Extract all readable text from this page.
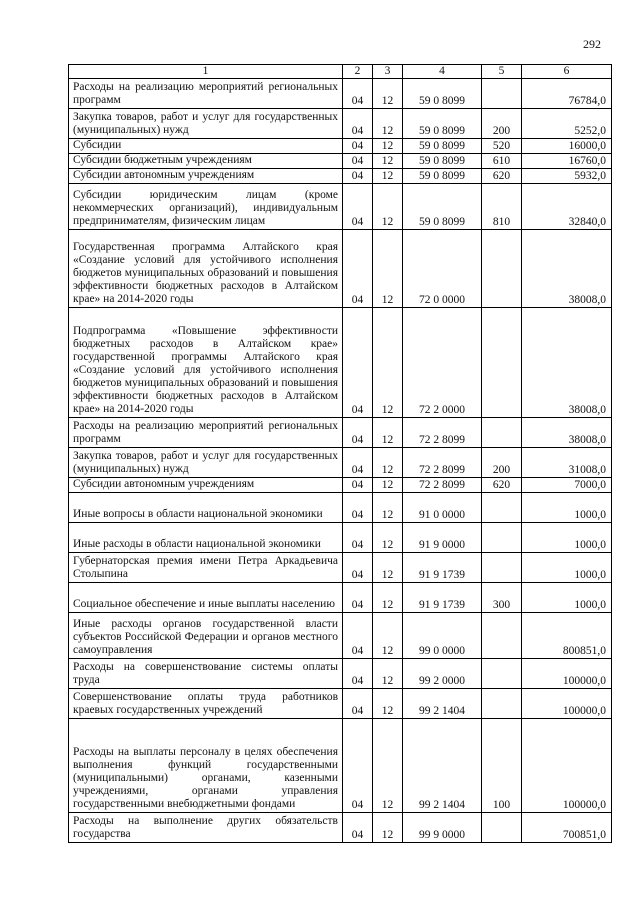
292
1	2	3	4	5	6
Расходы на реализацию мероприятий региональных программ	04	12	59 0 8099		76784,0
Закупка товаров, работ и услуг для государственных (муниципальных) нужд	04	12	59 0 8099	200	5252,0
Субсидии	04	12	59 0 8099	520	16000,0
Субсидии бюджетным учреждениям	04	12	59 0 8099	610	16760,0
Субсидии автономным учреждениям	04	12	59 0 8099	620	5932,0
Субсидии юридическим лицам (кроме некоммерческих организаций), индивидуальным предпринимателям, физическим лицам	04	12	59 0 8099	810	32840,0
Государственная программа Алтайского края «Создание условий для устойчивого исполнения бюджетов муниципальных образований и повышения эффективности бюджетных расходов в Алтайском крае» на 2014-2020 годы	04	12	72 0 0000		38008,0
Подпрограмма «Повышение эффективности бюджетных расходов в Алтайском крае» государственной программы Алтайского края «Создание условий для устойчивого исполнения бюджетов муниципальных образований и повышения эффективности бюджетных расходов в Алтайском крае» на 2014-2020 годы	04	12	72 2 0000		38008,0
Расходы на реализацию мероприятий региональных программ	04	12	72 2 8099		38008,0
Закупка товаров, работ и услуг для государственных (муниципальных) нужд	04	12	72 2 8099	200	31008,0
Субсидии автономным учреждениям	04	12	72 2 8099	620	7000,0
Иные вопросы в области национальной экономики	04	12	91 0 0000		1000,0
Иные расходы в области национальной экономики	04	12	91 9 0000		1000,0
Губернаторская премия имени Петра Аркадьевича Столыпина	04	12	91 9 1739		1000,0
Социальное обеспечение и иные выплаты населению	04	12	91 9 1739	300	1000,0
Иные расходы органов государственной власти субъектов Российской Федерации и органов местного самоуправления	04	12	99 0 0000		800851,0
Расходы на совершенствование системы оплаты труда	04	12	99 2 0000		100000,0
Совершенствование оплаты труда работников краевых государственных учреждений	04	12	99 2 1404		100000,0
Расходы на выплаты персоналу в целях обеспечения выполнения функций государственными (муниципальными) органами, казенными учреждениями, органами управления государственными внебюджетными фондами	04	12	99 2 1404	100	100000,0
Расходы на выполнение других обязательств государства	04	12	99 9 0000		700851,0
